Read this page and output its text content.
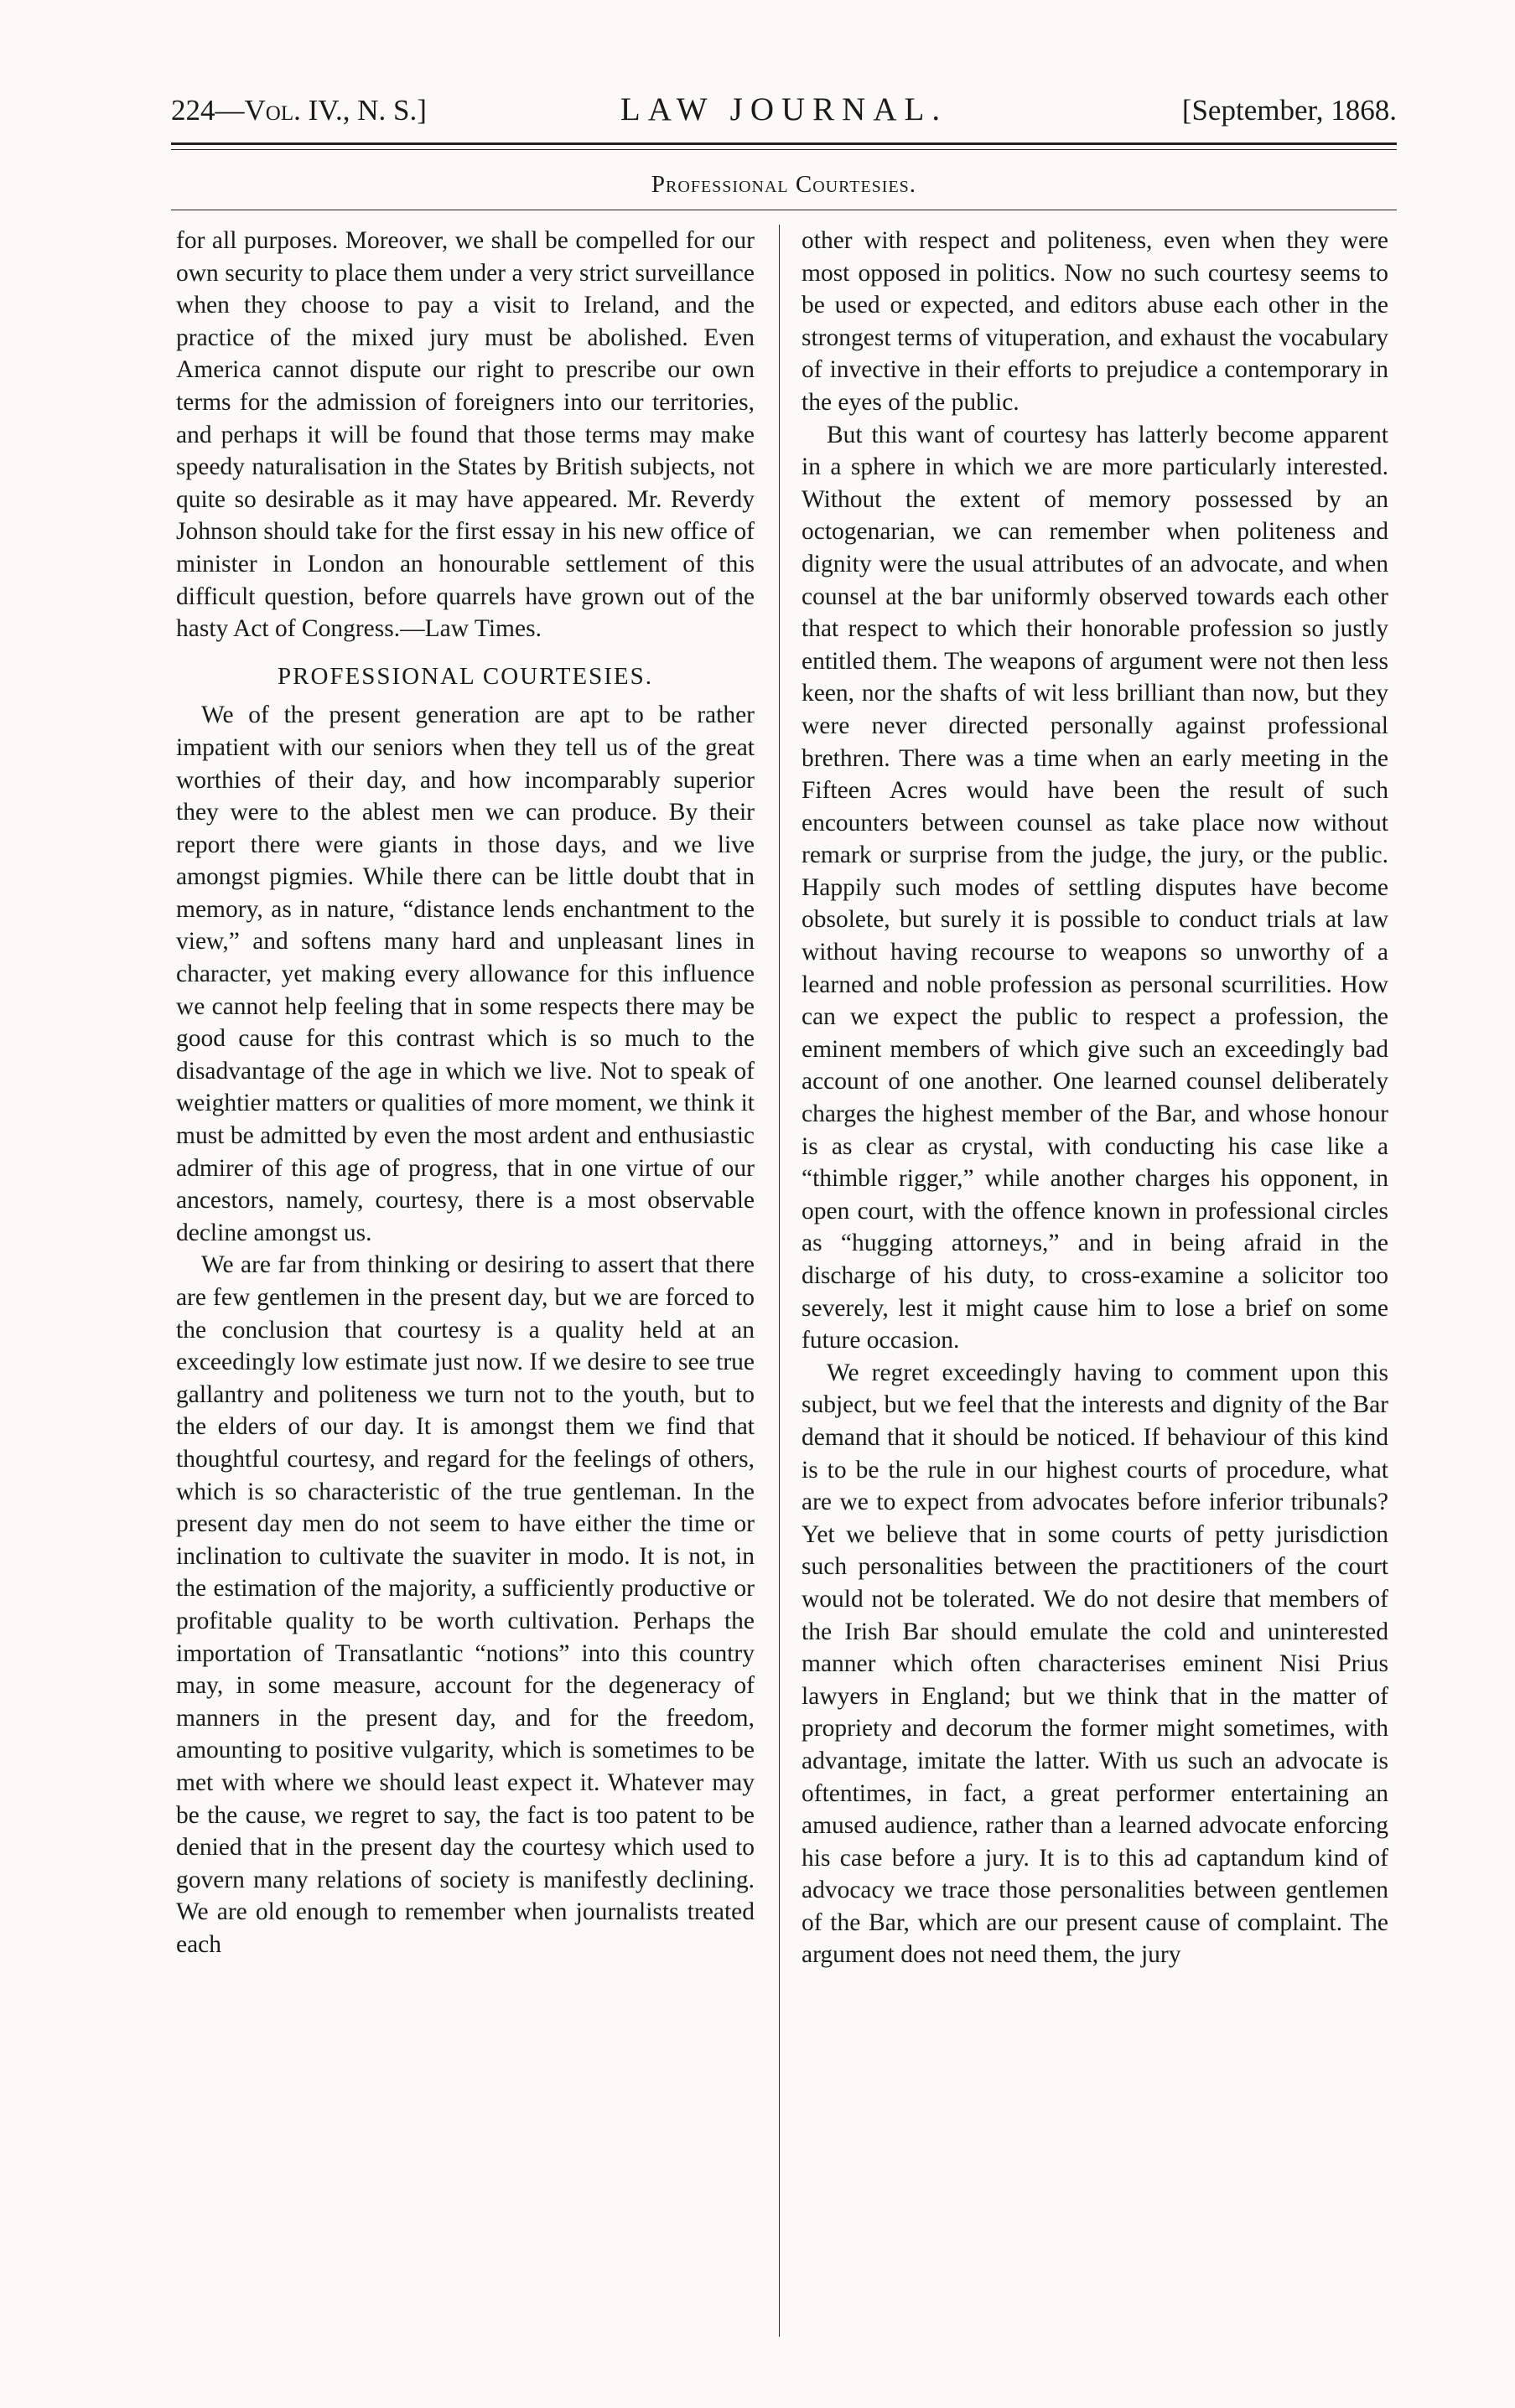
224—Vol. IV., N. S.]	LAW JOURNAL.	[September, 1868.
Professional Courtesies.

for all purposes. Moreover, we shall be compelled for our own security to place them under a very strict surveillance when they choose to pay a visit to Ireland, and the practice of the mixed jury must be abolished. Even America cannot dispute our right to prescribe our own terms for the admission of foreigners into our territories, and perhaps it will be found that those terms may make speedy naturalisation in the States by British subjects, not quite so desirable as it may have appeared. Mr. Reverdy Johnson should take for the first essay in his new office of minister in London an honourable settlement of this difficult question, before quarrels have grown out of the hasty Act of Congress.—Law Times.

PROFESSIONAL COURTESIES.

We of the present generation are apt to be rather impatient with our seniors when they tell us of the great worthies of their day, and how incomparably superior they were to the ablest men we can produce. By their report there were giants in those days, and we live amongst pigmies. While there can be little doubt that in memory, as in nature, “distance lends enchantment to the view,” and softens many hard and unpleasant lines in character, yet making every allowance for this influence we cannot help feeling that in some respects there may be good cause for this contrast which is so much to the disadvantage of the age in which we live. Not to speak of weightier matters or qualities of more moment, we think it must be admitted by even the most ardent and enthusiastic admirer of this age of progress, that in one virtue of our ancestors, namely, courtesy, there is a most observable decline amongst us.

We are far from thinking or desiring to assert that there are few gentlemen in the present day, but we are forced to the conclusion that courtesy is a quality held at an exceedingly low estimate just now. If we desire to see true gallantry and politeness we turn not to the youth, but to the elders of our day. It is amongst them we find that thoughtful courtesy, and regard for the feelings of others, which is so characteristic of the true gentleman. In the present day men do not seem to have either the time or inclination to cultivate the suaviter in modo. It is not, in the estimation of the majority, a sufficiently productive or profitable quality to be worth cultivation. Perhaps the importation of Transatlantic “notions” into this country may, in some measure, account for the degeneracy of manners in the present day, and for the freedom, amounting to positive vulgarity, which is sometimes to be met with where we should least expect it. Whatever may be the cause, we regret to say, the fact is too patent to be denied that in the present day the courtesy which used to govern many relations of society is manifestly declining. We are old enough to remember when journalists treated each

other with respect and politeness, even when they were most opposed in politics. Now no such courtesy seems to be used or expected, and editors abuse each other in the strongest terms of vituperation, and exhaust the vocabulary of invective in their efforts to prejudice a contemporary in the eyes of the public.

But this want of courtesy has latterly become apparent in a sphere in which we are more particularly interested. Without the extent of memory possessed by an octogenarian, we can remember when politeness and dignity were the usual attributes of an advocate, and when counsel at the bar uniformly observed towards each other that respect to which their honorable profession so justly entitled them. The weapons of argument were not then less keen, nor the shafts of wit less brilliant than now, but they were never directed personally against professional brethren. There was a time when an early meeting in the Fifteen Acres would have been the result of such encounters between counsel as take place now without remark or surprise from the judge, the jury, or the public. Happily such modes of settling disputes have become obsolete, but surely it is possible to conduct trials at law without having recourse to weapons so unworthy of a learned and noble profession as personal scurrilities. How can we expect the public to respect a profession, the eminent members of which give such an exceedingly bad account of one another. One learned counsel deliberately charges the highest member of the Bar, and whose honour is as clear as crystal, with conducting his case like a “thimble rigger,” while another charges his opponent, in open court, with the offence known in professional circles as “hugging attorneys,” and in being afraid in the discharge of his duty, to cross-examine a solicitor too severely, lest it might cause him to lose a brief on some future occasion.

We regret exceedingly having to comment upon this subject, but we feel that the interests and dignity of the Bar demand that it should be noticed. If behaviour of this kind is to be the rule in our highest courts of procedure, what are we to expect from advocates before inferior tribunals? Yet we believe that in some courts of petty jurisdiction such personalities between the practitioners of the court would not be tolerated. We do not desire that members of the Irish Bar should emulate the cold and uninterested manner which often characterises eminent Nisi Prius lawyers in England; but we think that in the matter of propriety and decorum the former might sometimes, with advantage, imitate the latter. With us such an advocate is oftentimes, in fact, a great performer entertaining an amused audience, rather than a learned advocate enforcing his case before a jury. It is to this ad captandum kind of advocacy we trace those personalities between gentlemen of the Bar, which are our present cause of complaint. The argument does not need them, the jury
